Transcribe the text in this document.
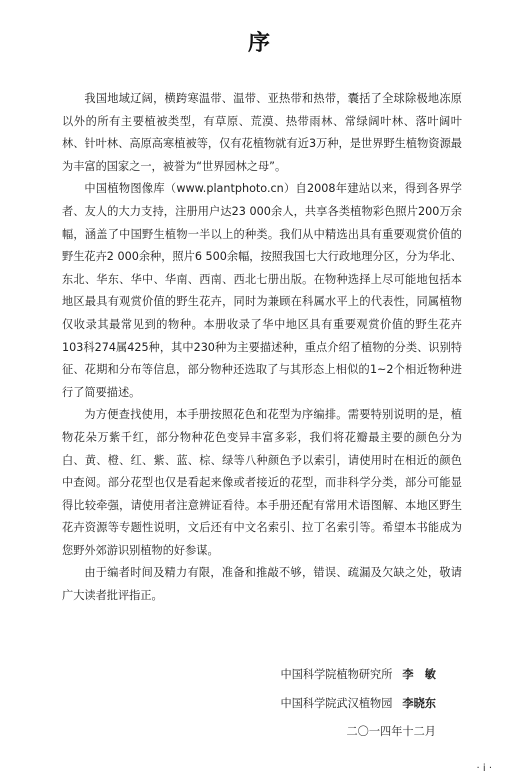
序

我国地域辽阔，横跨寒温带、温带、亚热带和热带，囊括了全球除极地冻原以外的所有主要植被类型，有草原、荒漠、热带雨林、常绿阔叶林、落叶阔叶林、针叶林、高原高寒植被等，仅有花植物就有近3万种，是世界野生植物资源最为丰富的国家之一，被誉为“世界园林之母”。

中国植物图像库（www.plantphoto.cn）自2008年建站以来，得到各界学者、友人的大力支持，注册用户达23 000余人，共享各类植物彩色照片200万余幅，涵盖了中国野生植物一半以上的种类。我们从中精选出具有重要观赏价值的野生花卉2 000余种，照片6 500余幅，按照我国七大行政地理分区，分为华北、东北、华东、华中、华南、西南、西北七册出版。在物种选择上尽可能地包括本地区最具有观赏价值的野生花卉，同时为兼顾在科属水平上的代表性，同属植物仅收录其最常见到的物种。本册收录了华中地区具有重要观赏价值的野生花卉103科274属425种，其中230种为主要描述种，重点介绍了植物的分类、识别特征、花期和分布等信息，部分物种还选取了与其形态上相似的1~2个相近物种进行了简要描述。

为方便查找使用，本手册按照花色和花型为序编排。需要特别说明的是，植物花朵万紫千红，部分物种花色变异丰富多彩，我们将花瓣最主要的颜色分为白、黄、橙、红、紫、蓝、棕、绿等八种颜色予以索引，请使用时在相近的颜色中查阅。部分花型也仅是看起来像或者接近的花型，而非科学分类，部分可能显得比较牵强，请使用者注意辨证看待。本手册还配有常用术语图解、本地区野生花卉资源等专题性说明，文后还有中文名索引、拉丁名索引等。希望本书能成为您野外郊游识别植物的好参谋。

由于编者时间及精力有限，准备和推敲不够，错误、疏漏及欠缺之处，敬请广大读者批评指正。

中国科学院植物研究所 李　敏
中国科学院武汉植物园 李晓东
二〇一四年十二月
· i ·
